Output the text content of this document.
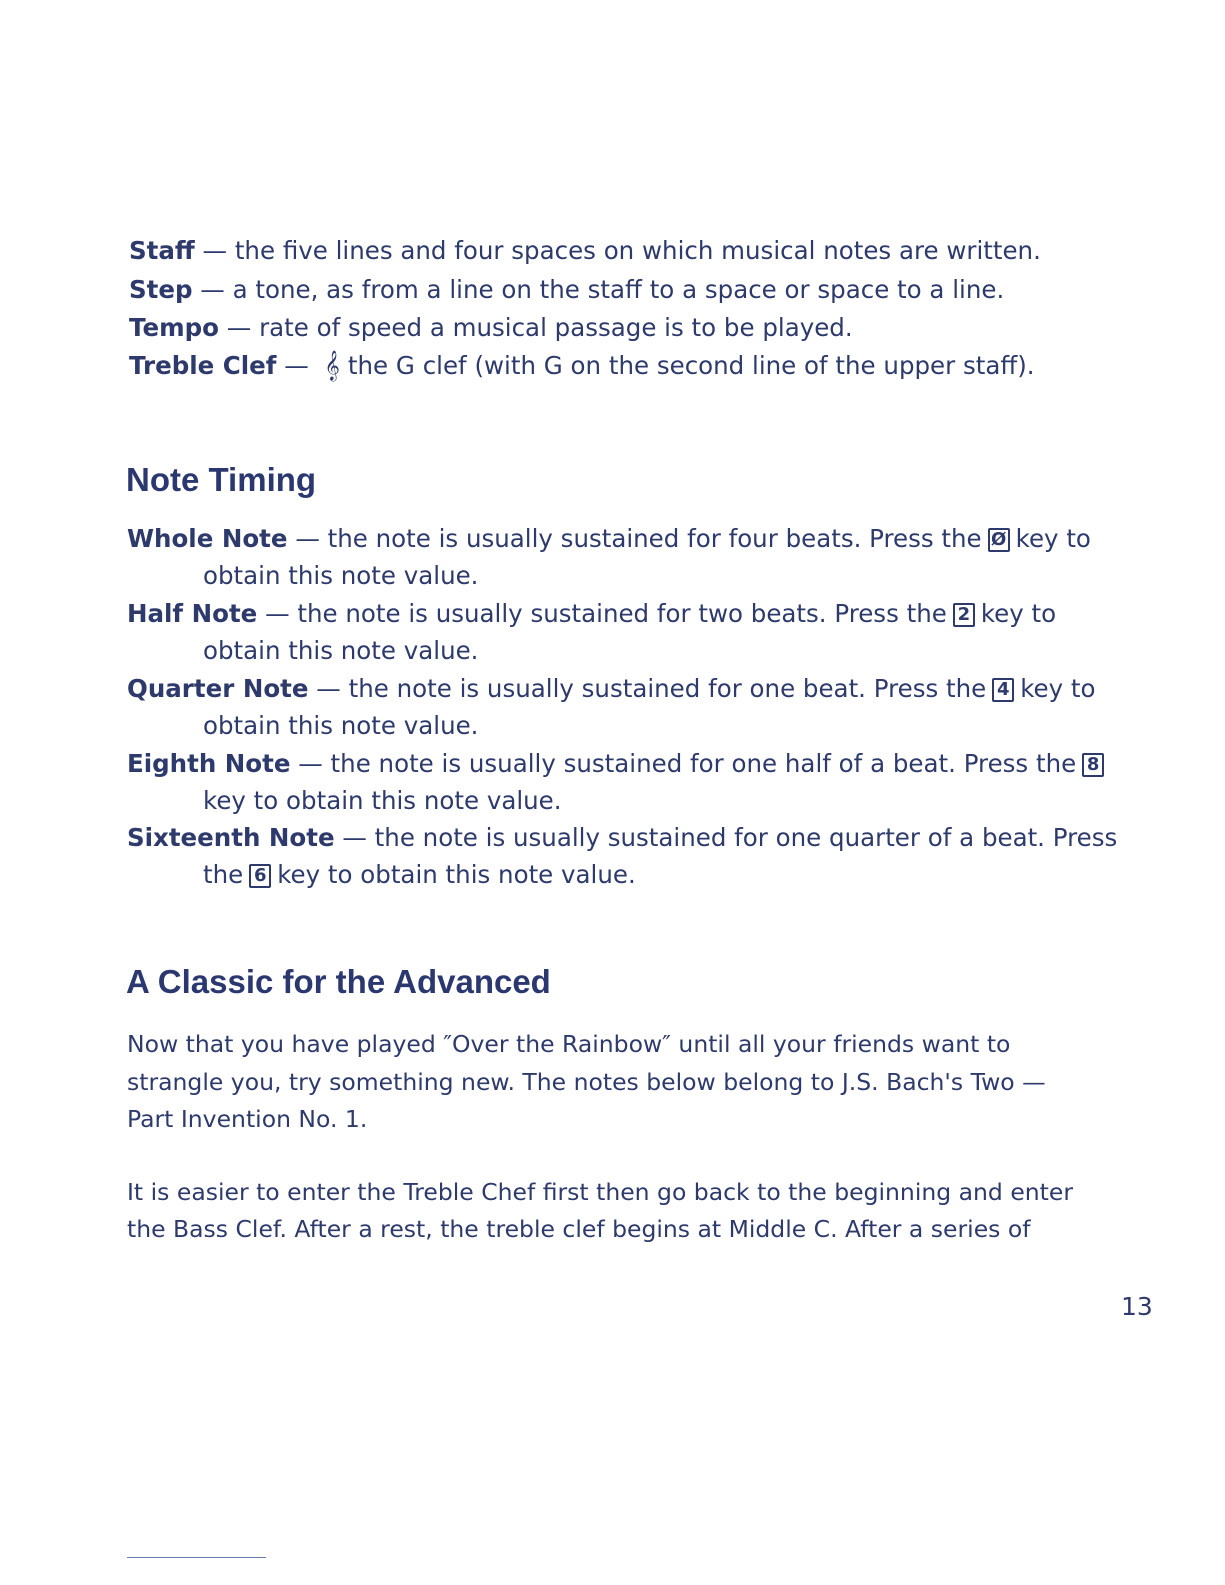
Staff — the five lines and four spaces on which musical notes are written.
Step — a tone, as from a line on the staff to a space or space to a line.
Tempo — rate of speed a musical passage is to be played.
Treble Clef — 𝄞 the G clef (with G on the second line of the upper staff).
Note Timing
Whole Note — the note is usually sustained for four beats. Press the Ø key to
obtain this note value.
Half Note — the note is usually sustained for two beats. Press the 2 key to
obtain this note value.
Quarter Note — the note is usually sustained for one beat. Press the 4 key to
obtain this note value.
Eighth Note — the note is usually sustained for one half of a beat. Press the 8
key to obtain this note value.
Sixteenth Note — the note is usually sustained for one quarter of a beat. Press
the 6 key to obtain this note value.
A Classic for the Advanced
Now that you have played ″Over the Rainbow″ until all your friends want to
strangle you, try something new. The notes below belong to J.S. Bach's Two —
Part Invention No. 1.
It is easier to enter the Treble Chef first then go back to the beginning and enter
the Bass Clef. After a rest, the treble clef begins at Middle C. After a series of
13
